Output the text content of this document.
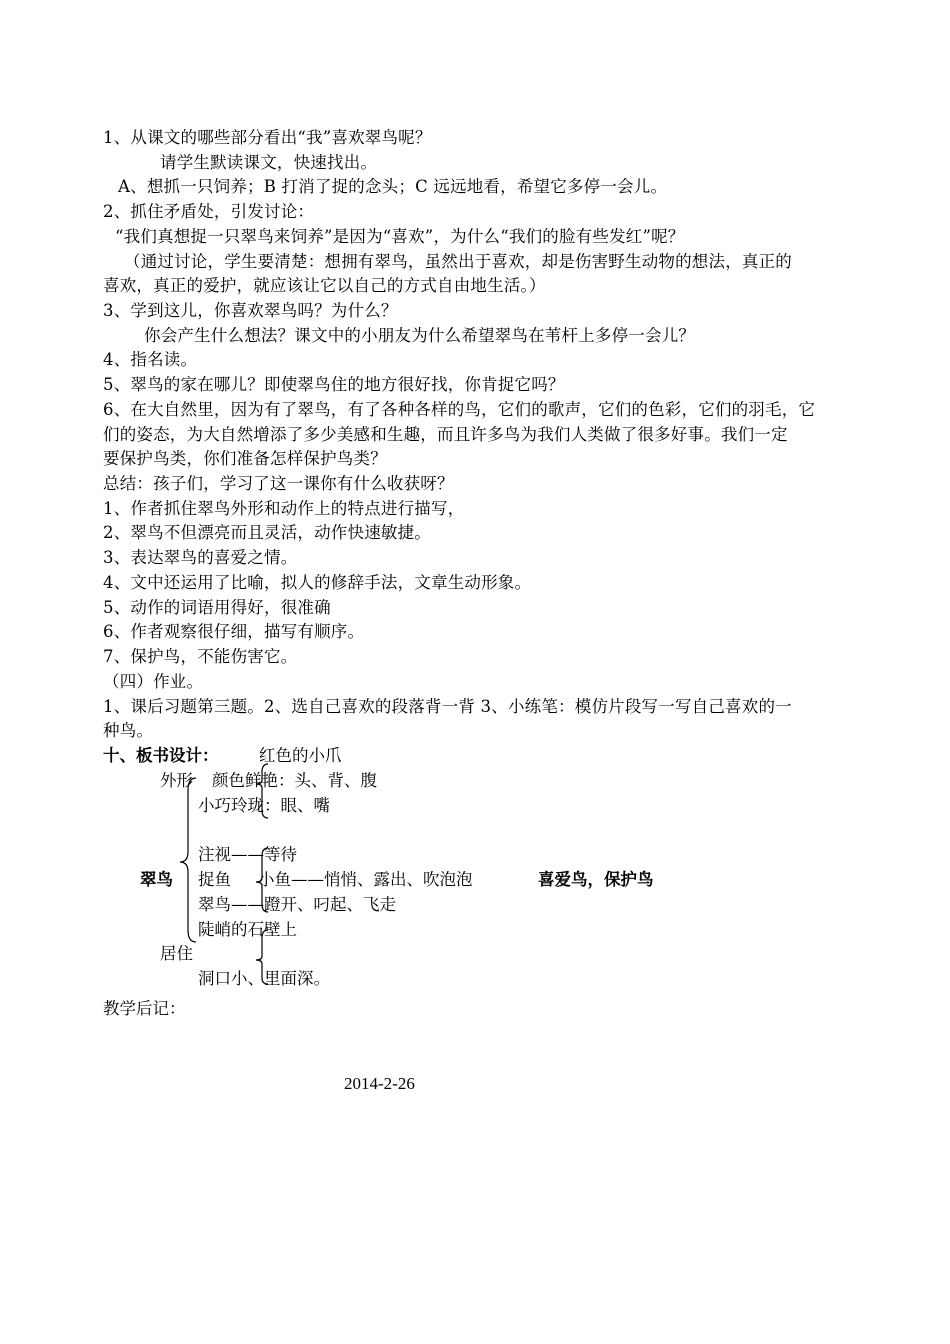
1、从课文的哪些部分看出“我”喜欢翠鸟呢？
请学生默读课文，快速找出。
A、想抓一只饲养；B 打消了捉的念头；C 远远地看，希望它多停一会儿。
2、抓住矛盾处，引发讨论：
“我们真想捉一只翠鸟来饲养”是因为“喜欢”，为什么“我们的脸有些发红”呢？
（通过讨论，学生要清楚：想拥有翠鸟，虽然出于喜欢，却是伤害野生动物的想法，真正的
喜欢，真正的爱护，就应该让它以自己的方式自由地生活。）
3、学到这儿，你喜欢翠鸟吗？为什么？
你会产生什么想法？课文中的小朋友为什么希望翠鸟在苇杆上多停一会儿？
4、指名读。
5、翠鸟的家在哪儿？即使翠鸟住的地方很好找，你肯捉它吗？
6、在大自然里，因为有了翠鸟，有了各种各样的鸟，它们的歌声，它们的色彩，它们的羽毛，它
们的姿态，为大自然增添了多少美感和生趣，而且许多鸟为我们人类做了很多好事。我们一定
要保护鸟类，你们准备怎样保护鸟类？
总结：孩子们，学习了这一课你有什么收获呀？
1、作者抓住翠鸟外形和动作上的特点进行描写，
2、翠鸟不但漂亮而且灵活，动作快速敏捷。
3、表达翠鸟的喜爱之情。
4、文中还运用了比喻，拟人的修辞手法，文章生动形象。
5、动作的词语用得好，很准确
6、作者观察很仔细，描写有顺序。
7、保护鸟，不能伤害它。
（四）作业。
1、课后习题第三题。2、选自己喜欢的段落背一背 3、小练笔：模仿片段写一写自己喜欢的一
种鸟。
十、板书设计： 红色的小爪
外形 颜色鲜艳：头、背、腹
小巧玲珑：眼、嘴
注视——等待
翠鸟 捉鱼 小鱼——悄悄、露出、吹泡泡	喜爱鸟，保护鸟
翠鸟——蹬开、叼起、飞走
陡峭的石壁上
居住
洞口小、里面深。
教学后记：
2014-2-26
